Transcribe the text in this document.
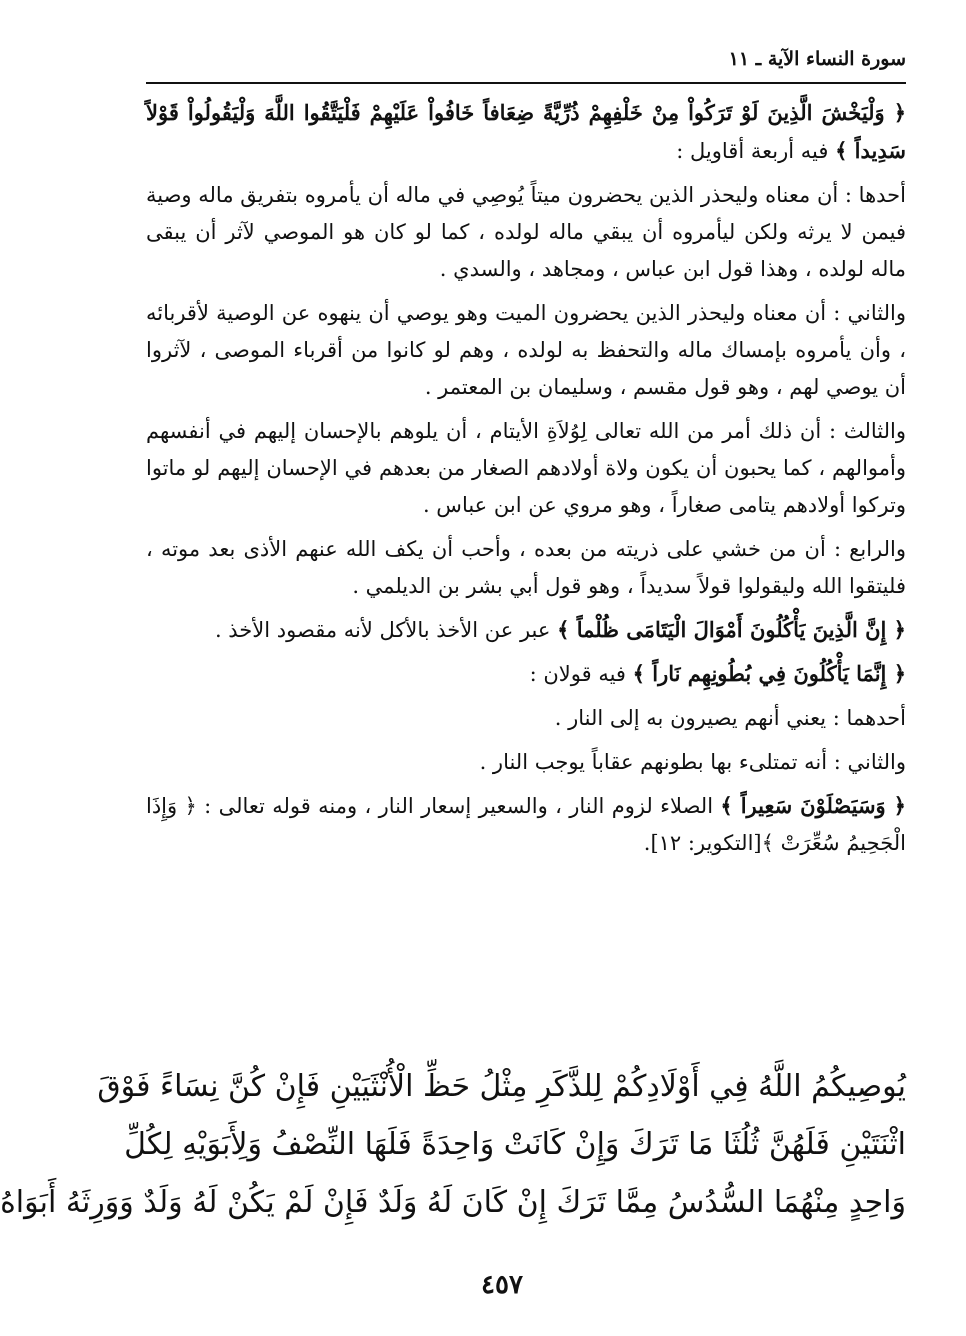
سورة النساء الآية ـ ١١

﴿ وَلْيَخْشَ الَّذِينَ لَوْ تَرَكُواْ مِنْ خَلْفِهِمْ ذُرِّيَّةً ضِعَافاً خَافُواْ عَلَيْهِمْ فَلْيَتَّقُوا اللَّهَ وَلْيَقُولُواْ قَوْلاً سَدِيداً ﴾ فيه أربعة أقاويل :

أحدها : أن معناه وليحذر الذين يحضرون ميتاً يُوصِي في ماله أن يأمروه بتفريق ماله وصية فيمن لا يرثه ولكن ليأمروه أن يبقي ماله لولده ، كما لو كان هو الموصي لآثر أن يبقى ماله لولده ، وهذا قول ابن عباس ، ومجاهد ، والسدي .

والثاني : أن معناه وليحذر الذين يحضرون الميت وهو يوصي أن ينهوه عن الوصية لأقربائه ، وأن يأمروه بإمساك ماله والتحفظ به لولده ، وهم لو كانوا من أقرباء الموصى ، لآثروا أن يوصي لهم ، وهو قول مقسم ، وسليمان بن المعتمر .

والثالث : أن ذلك أمر من الله تعالى لِوُلاَةِ الأيتام ، أن يلوهم بالإحسان إليهم في أنفسهم وأموالهم ، كما يحبون أن يكون ولاة أولادهم الصغار من بعدهم في الإحسان إليهم لو ماتوا وتركوا أولادهم يتامى صغاراً ، وهو مروي عن ابن عباس .

والرابع : أن من خشي على ذريته من بعده ، وأحب أن يكف الله عنهم الأذى بعد موته ، فليتقوا الله وليقولوا قولاً سديداً ، وهو قول أبي بشر بن الديلمي .

﴿ إِنَّ الَّذِينَ يَأْكُلُونَ أَمْوَالَ الْيَتَامَى ظُلْماً ﴾ عبر عن الأخذ بالأكل لأنه مقصود الأخذ .

﴿ إِنَّمَا يَأْكُلُونَ فِي بُطُونِهِم نَاراً ﴾ فيه قولان :

أحدهما : يعني أنهم يصيرون به إلى النار .

والثاني : أنه تمتلىء بها بطونهم عقاباً يوجب النار .

﴿ وَسَيَصْلَوْنَ سَعِيراً ﴾ الصلاء لزوم النار ، والسعير إسعار النار ، ومنه قوله تعالى : ﴿ وَإِذَا الْجَحِيمُ سُعِّرَتْ ﴾[التكوير: ١٢].

يُوصِيكُمُ اللَّهُ فِي أَوْلَادِكُمْ لِلذَّكَرِ مِثْلُ حَظِّ الْأُنْثَيَيْنِ فَإِنْ كُنَّ نِسَاءً فَوْقَ
اثْنَتَيْنِ فَلَهُنَّ ثُلُثَا مَا تَرَكَ وَإِنْ كَانَتْ وَاحِدَةً فَلَهَا النِّصْفُ وَلِأَبَوَيْهِ لِكُلِّ
وَاحِدٍ مِنْهُمَا السُّدُسُ مِمَّا تَرَكَ إِنْ كَانَ لَهُ وَلَدٌ فَإِنْ لَمْ يَكُنْ لَهُ وَلَدٌ وَوَرِثَهُ أَبَوَاهُ
٤٥٧
